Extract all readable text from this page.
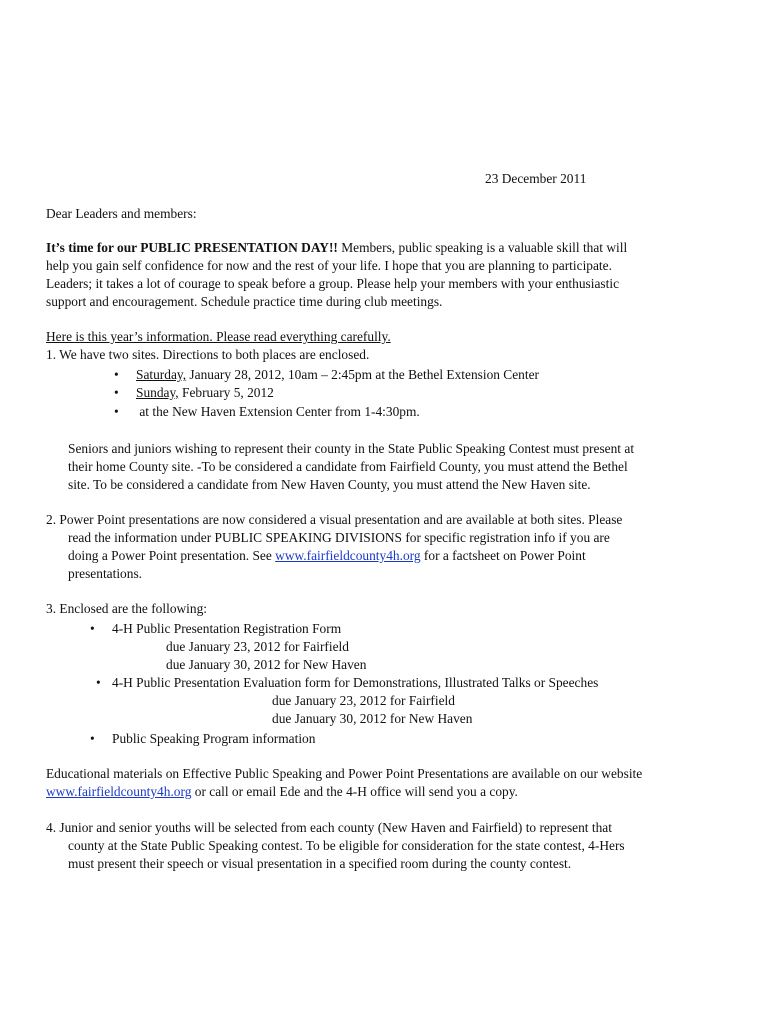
23 December 2011
Dear Leaders and members:
It’s time for our PUBLIC PRESENTATION DAY!! Members, public speaking is a valuable skill that will
help you gain self confidence for now and the rest of your life. I hope that you are planning to participate.
Leaders; it takes a lot of courage to speak before a group. Please help your members with your enthusiastic
support and encouragement. Schedule practice time during club meetings.
Here is this year’s information. Please read everything carefully.
1. We have two sites. Directions to both places are enclosed.
• Saturday, January 28, 2012, 10am – 2:45pm at the Bethel Extension Center
• Sunday, February 5, 2012
• at the New Haven Extension Center from 1-4:30pm.
Seniors and juniors wishing to represent their county in the State Public Speaking Contest must present at
their home County site. -To be considered a candidate from Fairfield County, you must attend the Bethel
site. To be considered a candidate from New Haven County, you must attend the New Haven site.
2. Power Point presentations are now considered a visual presentation and are available at both sites. Please
read the information under PUBLIC SPEAKING DIVISIONS for specific registration info if you are
doing a Power Point presentation. See www.fairfieldcounty4h.org for a factsheet on Power Point
presentations.
3. Enclosed are the following:
• 4-H Public Presentation Registration Form
due January 23, 2012 for Fairfield
due January 30, 2012 for New Haven
• 4-H Public Presentation Evaluation form for Demonstrations, Illustrated Talks or Speeches
due January 23, 2012 for Fairfield
due January 30, 2012 for New Haven
• Public Speaking Program information
Educational materials on Effective Public Speaking and Power Point Presentations are available on our website
www.fairfieldcounty4h.org or call or email Ede and the 4-H office will send you a copy.
4. Junior and senior youths will be selected from each county (New Haven and Fairfield) to represent that
county at the State Public Speaking contest. To be eligible for consideration for the state contest, 4-Hers
must present their speech or visual presentation in a specified room during the county contest.
